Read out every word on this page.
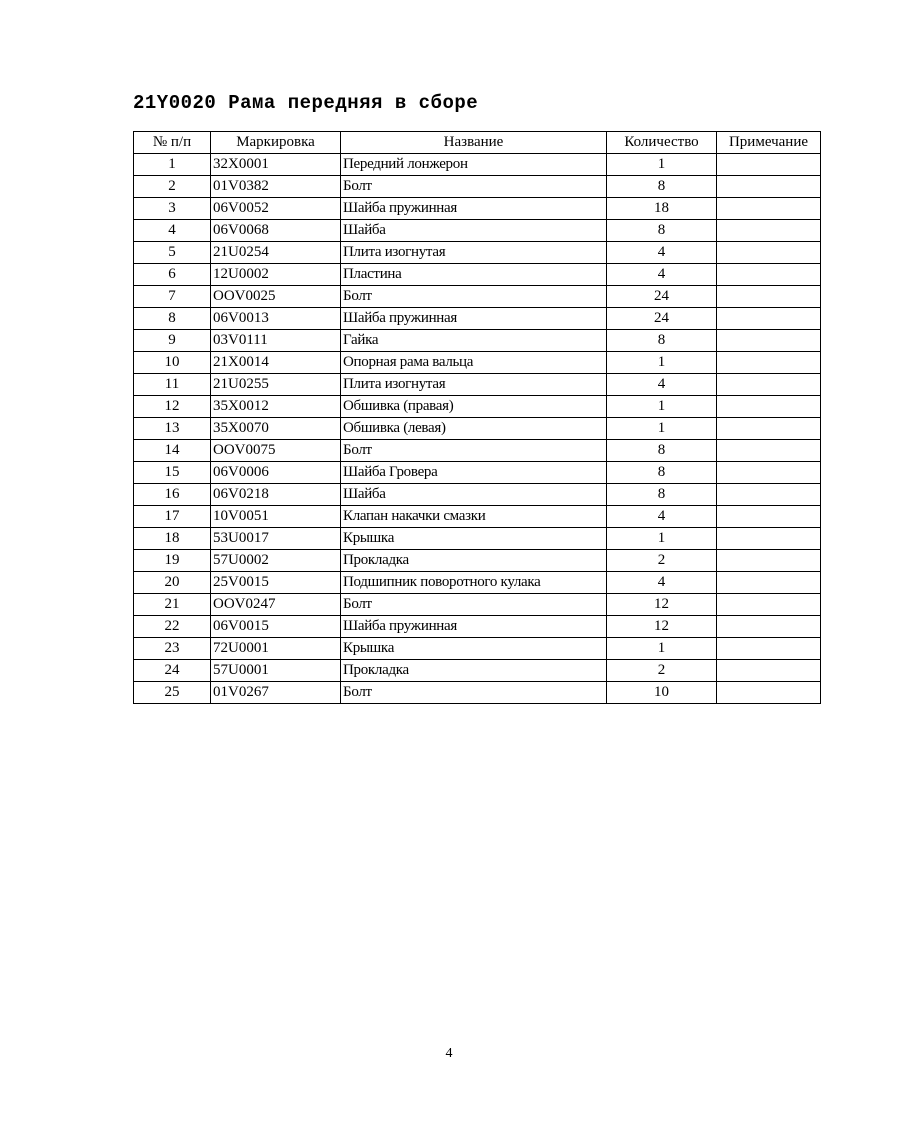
21Y0020 Рама передняя в сборе
№ п/п	Маркировка	Название	Количество	Примечание
1	32X0001	Передний лонжерон	1	
2	01V0382	Болт	8	
3	06V0052	Шайба пружинная	18	
4	06V0068	Шайба	8	
5	21U0254	Плита изогнутая	4	
6	12U0002	Пластина	4	
7	OOV0025	Болт	24	
8	06V0013	Шайба пружинная	24	
9	03V0111	Гайка	8	
10	21X0014	Опорная рама вальца	1	
11	21U0255	Плита изогнутая	4	
12	35X0012	Обшивка (правая)	1	
13	35X0070	Обшивка (левая)	1	
14	OOV0075	Болт	8	
15	06V0006	Шайба Гровера	8	
16	06V0218	Шайба	8	
17	10V0051	Клапан накачки смазки	4	
18	53U0017	Крышка	1	
19	57U0002	Прокладка	2	
20	25V0015	Подшипник поворотного кулака	4	
21	OOV0247	Болт	12	
22	06V0015	Шайба пружинная	12	
23	72U0001	Крышка	1	
24	57U0001	Прокладка	2	
25	01V0267	Болт	10	
4
